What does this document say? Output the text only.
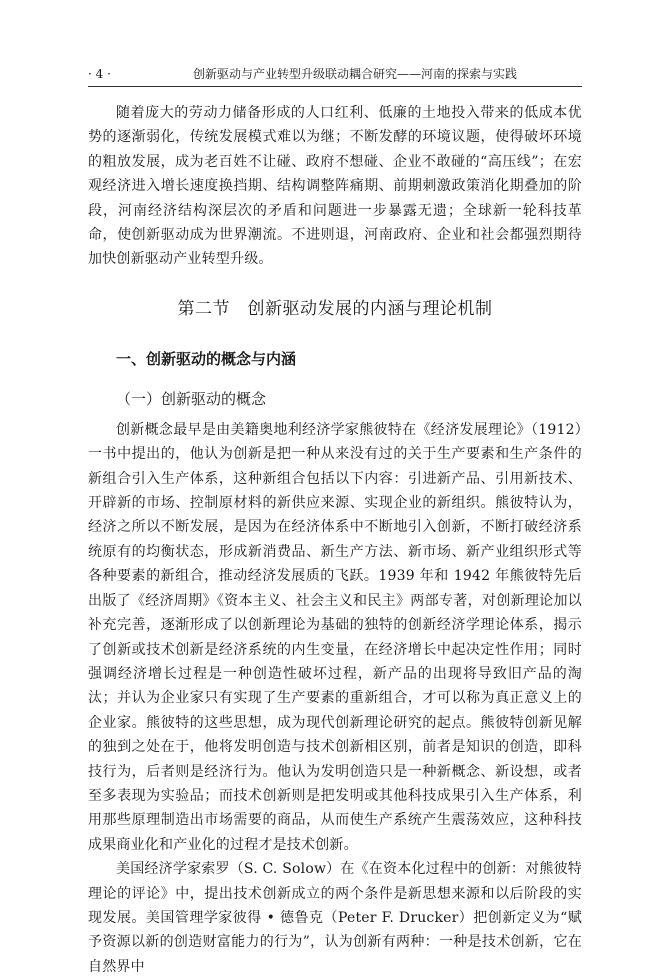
· 4 ·	创新驱动与产业转型升级联动耦合研究——河南的探索与实践

随着庞大的劳动力储备形成的人口红利、低廉的土地投入带来的低成本优势的逐渐弱化，传统发展模式难以为继；不断发酵的环境议题，使得破坏环境的粗放发展，成为老百姓不让碰、政府不想碰、企业不敢碰的“高压线”；在宏观经济进入增长速度换挡期、结构调整阵痛期、前期刺激政策消化期叠加的阶段，河南经济结构深层次的矛盾和问题进一步暴露无遗；全球新一轮科技革命，使创新驱动成为世界潮流。不进则退，河南政府、企业和社会都强烈期待加快创新驱动产业转型升级。

第二节　创新驱动发展的内涵与理论机制
一、创新驱动的概念与内涵
（一）创新驱动的概念

创新概念最早是由美籍奥地利经济学家熊彼特在《经济发展理论》（1912）一书中提出的，他认为创新是把一种从来没有过的关于生产要素和生产条件的新组合引入生产体系，这种新组合包括以下内容：引进新产品、引用新技术、开辟新的市场、控制原材料的新供应来源、实现企业的新组织。熊彼特认为，经济之所以不断发展，是因为在经济体系中不断地引入创新，不断打破经济系统原有的均衡状态，形成新消费品、新生产方法、新市场、新产业组织形式等各种要素的新组合，推动经济发展质的飞跃。1939 年和 1942 年熊彼特先后出版了《经济周期》《资本主义、社会主义和民主》两部专著，对创新理论加以补充完善，逐渐形成了以创新理论为基础的独特的创新经济学理论体系，揭示了创新或技术创新是经济系统的内生变量，在经济增长中起决定性作用；同时强调经济增长过程是一种创造性破坏过程，新产品的出现将导致旧产品的淘汰；并认为企业家只有实现了生产要素的重新组合，才可以称为真正意义上的企业家。熊彼特的这些思想，成为现代创新理论研究的起点。熊彼特创新见解的独到之处在于，他将发明创造与技术创新相区别，前者是知识的创造，即科技行为，后者则是经济行为。他认为发明创造只是一种新概念、新设想，或者至多表现为实验品；而技术创新则是把发明或其他科技成果引入生产体系，利用那些原理制造出市场需要的商品，从而使生产系统产生震荡效应，这种科技成果商业化和产业化的过程才是技术创新。

美国经济学家索罗（S. C. Solow）在《在资本化过程中的创新：对熊彼特理论的评论》中，提出技术创新成立的两个条件是新思想来源和以后阶段的实现发展。美国管理学家彼得 • 德鲁克（Peter F. Drucker）把创新定义为“赋予资源以新的创造财富能力的行为”，认为创新有两种：一种是技术创新，它在自然界中
